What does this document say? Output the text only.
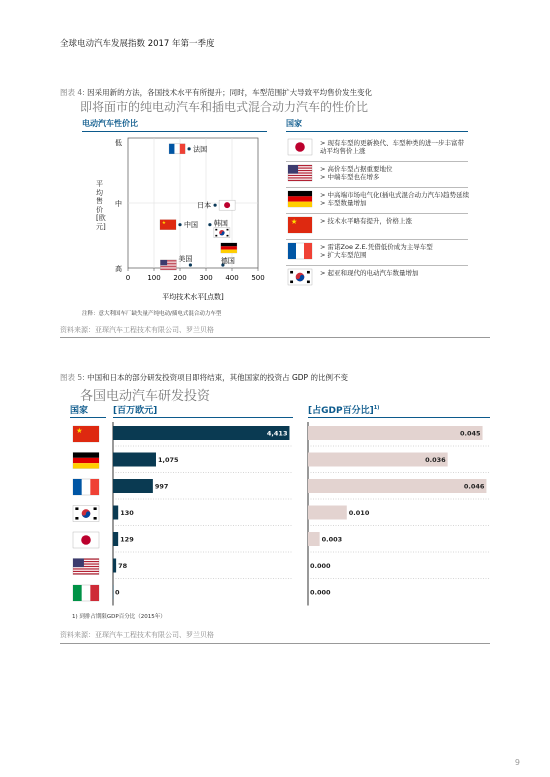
全球电动汽车发展指数 2017 年第一季度
图表 4: 因采用新的方法，各国技术水平有所提升；同时，车型范围扩大导致平均售价发生变化
即将面市的纯电动汽车和插电式混合动力汽车的性价比
电动汽车性价比	国家
低
中
高
0 100 200 300 400 500
平均技术水平[点数]
法国
日本
★	中国 韩国
美国	德国
平均售价[欧元]
注释：意大利国车厂缺失量产纯电动/插电式混合动力车型
> 现有车型的更新换代、车型种类的进一步丰富带动平均售价上涨
> 高价车型占据重要地位
> 中端车型也在增多
> 中高端市场电气化(插电式混合动力汽车)趋势延续
> 车型数量增加
★	> 技术水平略有提升，价格上涨
> 雷诺Zoe Z.E.凭借低价成为主导车型
> 扩大车型范围
> 起亚和现代的电动汽车数量增加
资料来源：亚琛汽车工程技术有限公司、罗兰贝格
图表 5: 中国和日本的部分研发投资项目即将结束，其他国家的投资占 GDP 的比例不变
各国电动汽车研发投资
国家	[百万欧元]	[占GDP百分比]$^{1)}$
★	4,413	0.045
1,075	0.036
997	0.046
130	0.010
129	0.003
78	0.000
0	0.000
1) 到排占期限GDP百分比（2015年）
资料来源：亚琛汽车工程技术有限公司、罗兰贝格
9
